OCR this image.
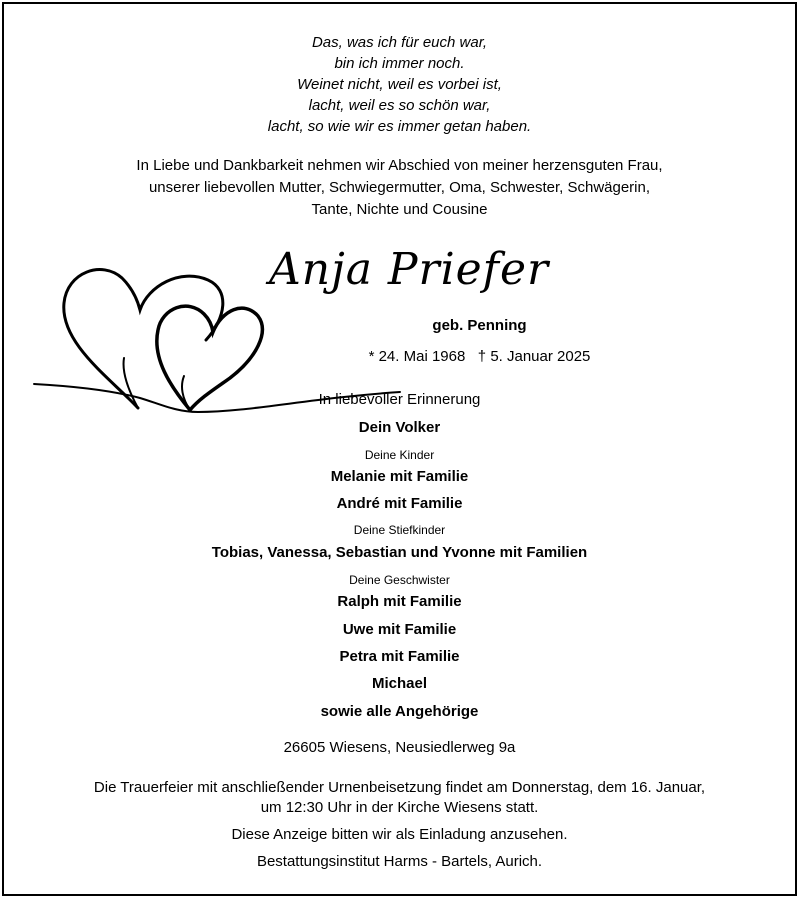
Das, was ich für euch war,
bin ich immer noch.
Weinet nicht, weil es vorbei ist,
lacht, weil es so schön war,
lacht, so wie wir es immer getan haben.
In Liebe und Dankbarkeit nehmen wir Abschied von meiner herzensguten Frau,
unserer liebevollen Mutter, Schwiegermutter, Oma, Schwester, Schwägerin,
Tante, Nichte und Cousine
Anja Priefer
geb. Penning
* 24. Mai 1968   † 5. Januar 2025
In liebevoller Erinnerung
Dein Volker
Deine Kinder
Melanie mit Familie
André mit Familie
Deine Stiefkinder
Tobias, Vanessa, Sebastian und Yvonne mit Familien
Deine Geschwister
Ralph mit Familie
Uwe mit Familie
Petra mit Familie
Michael
sowie alle Angehörige
26605 Wiesens, Neusiedlerweg 9a
Die Trauerfeier mit anschließender Urnenbeisetzung findet am Donnerstag, dem 16. Januar,
um 12:30 Uhr in der Kirche Wiesens statt.
Diese Anzeige bitten wir als Einladung anzusehen.
Bestattungsinstitut Harms - Bartels, Aurich.
